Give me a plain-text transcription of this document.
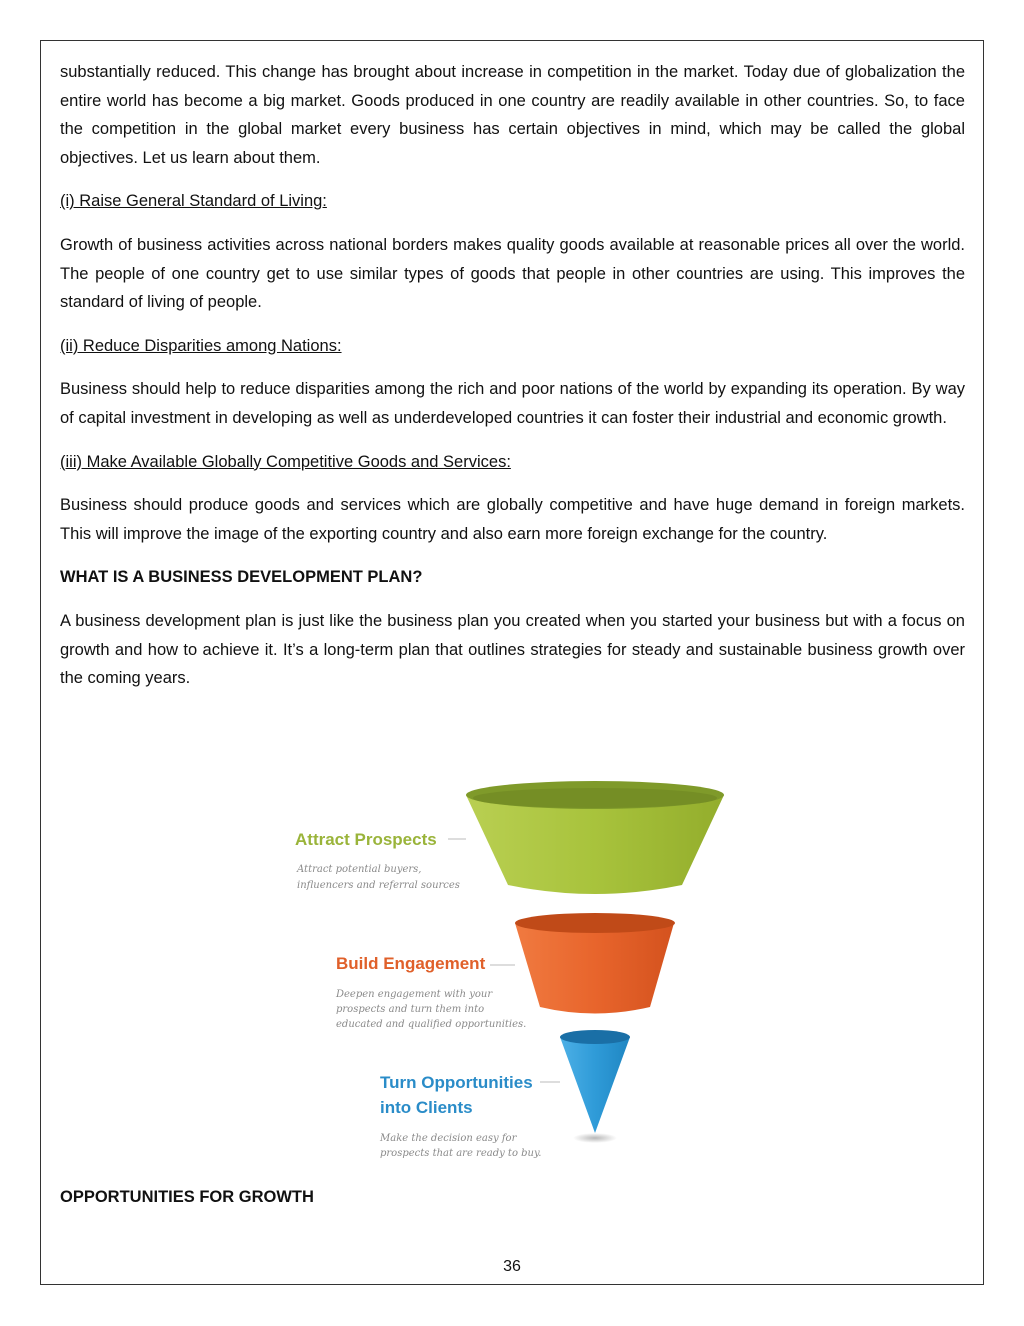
substantially reduced. This change has brought about increase in competition in the market. Today due of globalization the entire world has become a big market. Goods produced in one country are readily available in other countries. So, to face the competition in the global market every business has certain objectives in mind, which may be called the global objectives. Let us learn about them.

(i) Raise General Standard of Living:

Growth of business activities across national borders makes quality goods available at reasonable prices all over the world. The people of one country get to use similar types of goods that people in other countries are using. This improves the standard of living of people.

(ii) Reduce Disparities among Nations:

Business should help to reduce disparities among the rich and poor nations of the world by expanding its operation. By way of capital investment in developing as well as underdeveloped countries it can foster their industrial and economic growth.

(iii) Make Available Globally Competitive Goods and Services:

Business should produce goods and services which are globally competitive and have huge demand in foreign markets. This will improve the image of the exporting country and also earn more foreign exchange for the country.

WHAT IS A BUSINESS DEVELOPMENT PLAN?

A business development plan is just like the business plan you created when you started your business but with a focus on growth and how to achieve it. It’s a long-term plan that outlines strategies for steady and sustainable business growth over the coming years.

Attract Prospects
Attract potential buyers,
influencers and referral sources
Build Engagement
Deepen engagement with your
prospects and turn them into
educated and qualified opportunities.
Turn Opportunities
into Clients
Make the decision easy for
prospects that are ready to buy.
OPPORTUNITIES FOR GROWTH
36
